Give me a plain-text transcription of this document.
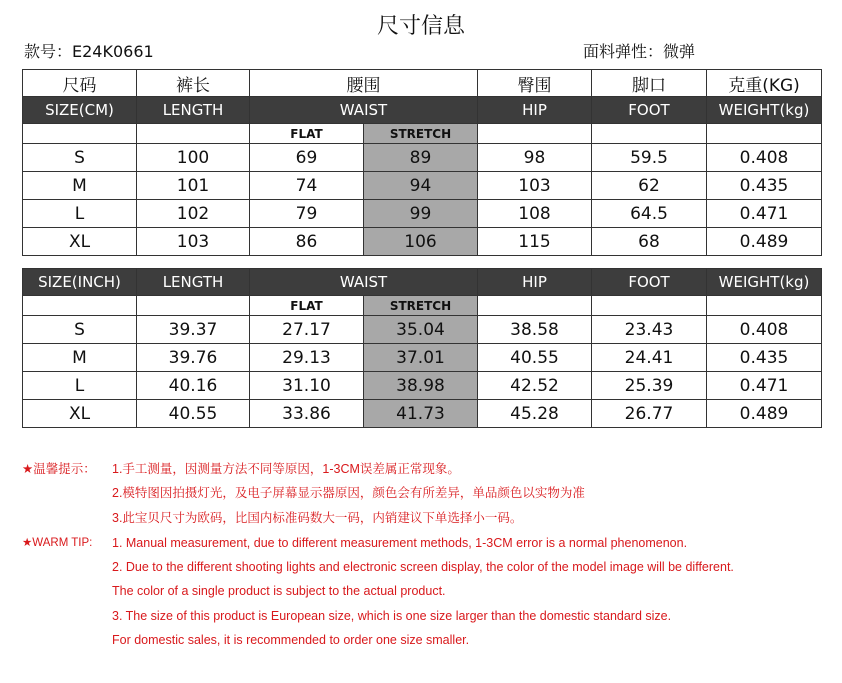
尺寸信息
款号：E24K0661	面料弹性：微弹
尺码	裤长	腰围		臀围	脚口	克重(KG)
SIZE(CM)	LENGTH	WAIST		HIP	FOOT	WEIGHT(kg)
		FLAT	STRETCH			
S	100	69	89	98	59.5	0.408
M	101	74	94	103	62	0.435
L	102	79	99	108	64.5	0.471
XL	103	86	106	115	68	0.489
SIZE(INCH)	LENGTH	WAIST		HIP	FOOT	WEIGHT(kg)
		FLAT	STRETCH			
S	39.37	27.17	35.04	38.58	23.43	0.408
M	39.76	29.13	37.01	40.55	24.41	0.435
L	40.16	31.10	38.98	42.52	25.39	0.471
XL	40.55	33.86	41.73	45.28	26.77	0.489
★温馨提示： 1.手工测量，因测量方法不同等原因，1-3CM误差属正常现象。
2.模特图因拍摄灯光，及电子屏幕显示器原因，颜色会有所差异，单品颜色以实物为准
3.此宝贝尺寸为欧码，比国内标准码数大一码，内销建议下单选择小一码。
★WARM TIP: 1. Manual measurement, due to different measurement methods, 1-3CM error is a normal phenomenon.
2. Due to the different shooting lights and electronic screen display, the color of the model image will be different.
The color of a single product is subject to the actual product.
3. The size of this product is European size, which is one size larger than the domestic standard size.
For domestic sales, it is recommended to order one size smaller.
